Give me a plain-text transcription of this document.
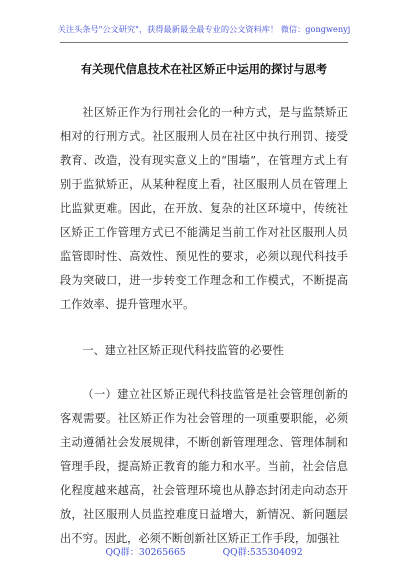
关注头条号"公文研究"，获得最新最全最专业的公文资料库！ 微信：gongwenyj
有关现代信息技术在社区矫正中运用的探讨与思考

社区矫正作为行刑社会化的一种方式，是与监禁矫正相对的行刑方式。社区服刑人员在社区中执行刑罚、接受教育、改造，没有现实意义上的“围墙”，在管理方式上有别于监狱矫正，从某种程度上看，社区服刑人员在管理上比监狱更难。因此，在开放、复杂的社区环境中，传统社区矫正工作管理方式已不能满足当前工作对社区服刑人员监管即时性、高效性、预见性的要求，必须以现代科技手段为突破口，进一步转变工作理念和工作模式，不断提高工作效率、提升管理水平。

一、建立社区矫正现代科技监管的必要性

（一）建立社区矫正现代科技监管是社会管理创新的客观需要。社区矫正作为社会管理的一项重要职能，必须主动遵循社会发展规律，不断创新管理理念、管理体制和管理手段，提高矫正教育的能力和水平。当前，社会信息化程度越来越高，社会管理环境也从静态封闭走向动态开放，社区服刑人员监控难度日益增大，新情况、新问题层出不穷。因此，必须不断创新社区矫正工作手段，加强社

QQ群：30265665	QQ群:535304092
